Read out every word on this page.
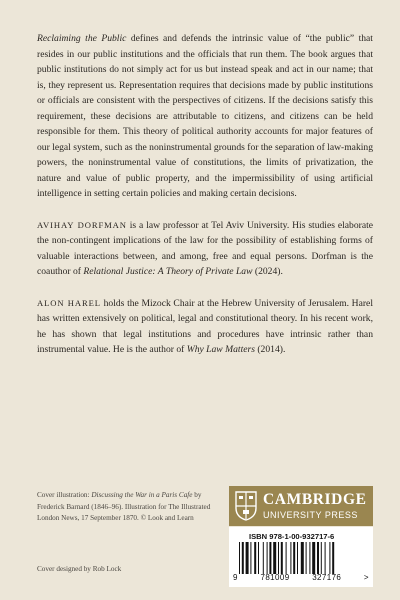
Reclaiming the Public defines and defends the intrinsic value of “the public” that resides in our public institutions and the officials that run them. The book argues that public institutions do not simply act for us but instead speak and act in our name; that is, they represent us. Representation requires that decisions made by public institutions or officials are consistent with the perspectives of citizens. If the decisions satisfy this requirement, these decisions are attributable to citizens, and citizens can be held responsible for them. This theory of political authority accounts for major features of our legal system, such as the noninstrumental grounds for the separation of law-making powers, the noninstrumental value of constitutions, the limits of privatization, the nature and value of public property, and the impermissibility of using artificial intelligence in setting certain policies and making certain decisions.

AVIHAY DORFMAN is a law professor at Tel Aviv University. His studies elaborate the non-contingent implications of the law for the possibility of establishing forms of valuable interactions between, and among, free and equal persons. Dorfman is the coauthor of Relational Justice: A Theory of Private Law (2024).

ALON HAREL holds the Mizock Chair at the Hebrew University of Jerusalem. Harel has written extensively on political, legal and constitutional theory. In his recent work, he has shown that legal institutions and procedures have intrinsic rather than instrumental value. He is the author of Why Law Matters (2014).

Cover illustration: Discussing the War in a Paris Cafe by Frederick Barnard (1846–96). Illustration for The Illustrated London News, 17 September 1870. © Look and Learn
Cover designed by Rob Lock
CAMBRIDGE
UNIVERSITY PRESS
ISBN 978-1-00-932717-6
9	781009	327176	>
